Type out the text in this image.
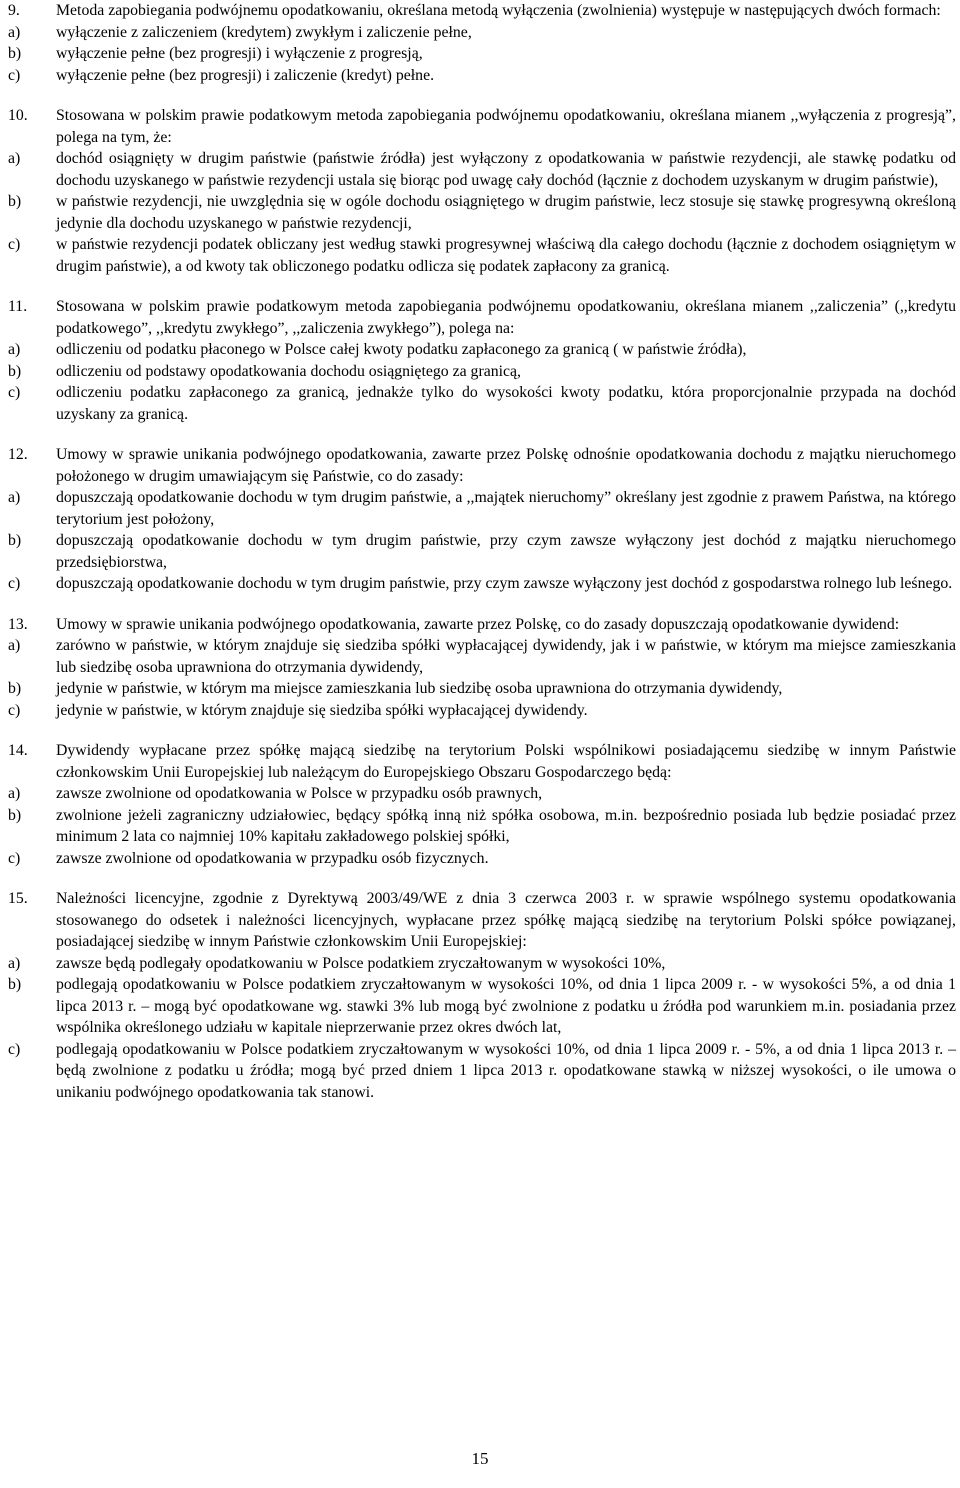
9.	Metoda zapobiegania podwójnemu opodatkowaniu, określana metodą wyłączenia (zwolnienia) występuje w następujących dwóch formach:

a)	wyłączenie z zaliczeniem (kredytem) zwykłym i zaliczenie pełne,

b)	wyłączenie pełne (bez progresji) i wyłączenie z progresją,

c)	wyłączenie pełne (bez progresji) i zaliczenie (kredyt) pełne.

10.	Stosowana w polskim prawie podatkowym metoda zapobiegania podwójnemu opodatkowaniu, określana mianem ,,wyłączenia z progresją”, polega na tym, że:

a)	dochód osiągnięty w drugim państwie (państwie źródła) jest wyłączony z opodatkowania w państwie rezydencji, ale stawkę podatku od dochodu uzyskanego w państwie rezydencji ustala się biorąc pod uwagę cały dochód (łącznie z dochodem uzyskanym w drugim państwie),

b)	w państwie rezydencji, nie uwzględnia się w ogóle dochodu osiągniętego w drugim państwie, lecz stosuje się stawkę progresywną określoną jedynie dla dochodu uzyskanego w państwie rezydencji,

c)	w państwie rezydencji podatek obliczany jest według stawki progresywnej właściwą dla całego dochodu (łącznie z dochodem osiągniętym w drugim państwie), a od kwoty tak obliczonego podatku odlicza się podatek zapłacony za granicą.

11.	Stosowana w polskim prawie podatkowym metoda zapobiegania podwójnemu opodatkowaniu, określana mianem ,,zaliczenia” (,,kredytu podatkowego”, ,,kredytu zwykłego”, ,,zaliczenia zwykłego”), polega na:

a)	odliczeniu od podatku płaconego w Polsce całej kwoty podatku zapłaconego za granicą ( w państwie źródła),

b)	odliczeniu od podstawy opodatkowania dochodu osiągniętego za granicą,

c)	odliczeniu podatku zapłaconego za granicą, jednakże tylko do wysokości kwoty podatku, która proporcjonalnie przypada na dochód uzyskany za granicą.

12.	Umowy w sprawie unikania podwójnego opodatkowania, zawarte przez Polskę odnośnie opodatkowania dochodu z majątku nieruchomego położonego w drugim umawiającym się Państwie, co do zasady:

a)	dopuszczają opodatkowanie dochodu w tym drugim państwie, a ,,majątek nieruchomy” określany jest zgodnie z prawem Państwa, na którego terytorium jest położony,

b)	dopuszczają opodatkowanie dochodu w tym drugim państwie, przy czym zawsze wyłączony jest dochód z majątku nieruchomego przedsiębiorstwa,

c)	dopuszczają opodatkowanie dochodu w tym drugim państwie, przy czym zawsze wyłączony jest dochód z gospodarstwa rolnego lub leśnego.

13.	Umowy w sprawie unikania podwójnego opodatkowania, zawarte przez Polskę, co do zasady dopuszczają opodatkowanie dywidend:

a)	zarówno w państwie, w którym znajduje się siedziba spółki wypłacającej dywidendy, jak i w państwie, w którym ma miejsce zamieszkania lub siedzibę osoba uprawniona do otrzymania dywidendy,

b)	jedynie w państwie, w którym ma miejsce zamieszkania lub siedzibę osoba uprawniona do otrzymania dywidendy,

c)	jedynie w państwie, w którym znajduje się siedziba spółki wypłacającej dywidendy.

14.	Dywidendy wypłacane przez spółkę mającą siedzibę na terytorium Polski wspólnikowi posiadającemu siedzibę w innym Państwie członkowskim Unii Europejskiej lub należącym do Europejskiego Obszaru Gospodarczego będą:

a)	zawsze zwolnione od opodatkowania w Polsce w przypadku osób prawnych,

b)	zwolnione jeżeli zagraniczny udziałowiec, będący spółką inną niż spółka osobowa, m.in. bezpośrednio posiada lub będzie posiadać przez minimum 2 lata co najmniej 10% kapitału zakładowego polskiej spółki,

c)	zawsze zwolnione od opodatkowania w przypadku osób fizycznych.

15.	Należności licencyjne, zgodnie z Dyrektywą 2003/49/WE z dnia 3 czerwca 2003 r. w sprawie wspólnego systemu opodatkowania stosowanego do odsetek i należności licencyjnych, wypłacane przez spółkę mającą siedzibę na terytorium Polski spółce powiązanej, posiadającej siedzibę w innym Państwie członkowskim Unii Europejskiej:

a)	zawsze będą podlegały opodatkowaniu w Polsce podatkiem zryczałtowanym w wysokości 10%,

b)	podlegają opodatkowaniu w Polsce podatkiem zryczałtowanym w wysokości 10%, od dnia 1 lipca 2009 r. - w wysokości 5%, a od dnia 1 lipca 2013 r. – mogą być opodatkowane wg. stawki 3% lub mogą być zwolnione z podatku u źródła pod warunkiem m.in. posiadania przez wspólnika określonego udziału w kapitale nieprzerwanie przez okres dwóch lat,

c)	podlegają opodatkowaniu w Polsce podatkiem zryczałtowanym w wysokości 10%, od dnia 1 lipca 2009 r. - 5%, a od dnia 1 lipca 2013 r. – będą zwolnione z podatku u źródła; mogą być przed dniem 1 lipca 2013 r. opodatkowane stawką w niższej wysokości, o ile umowa o unikaniu podwójnego opodatkowania tak stanowi.

15
